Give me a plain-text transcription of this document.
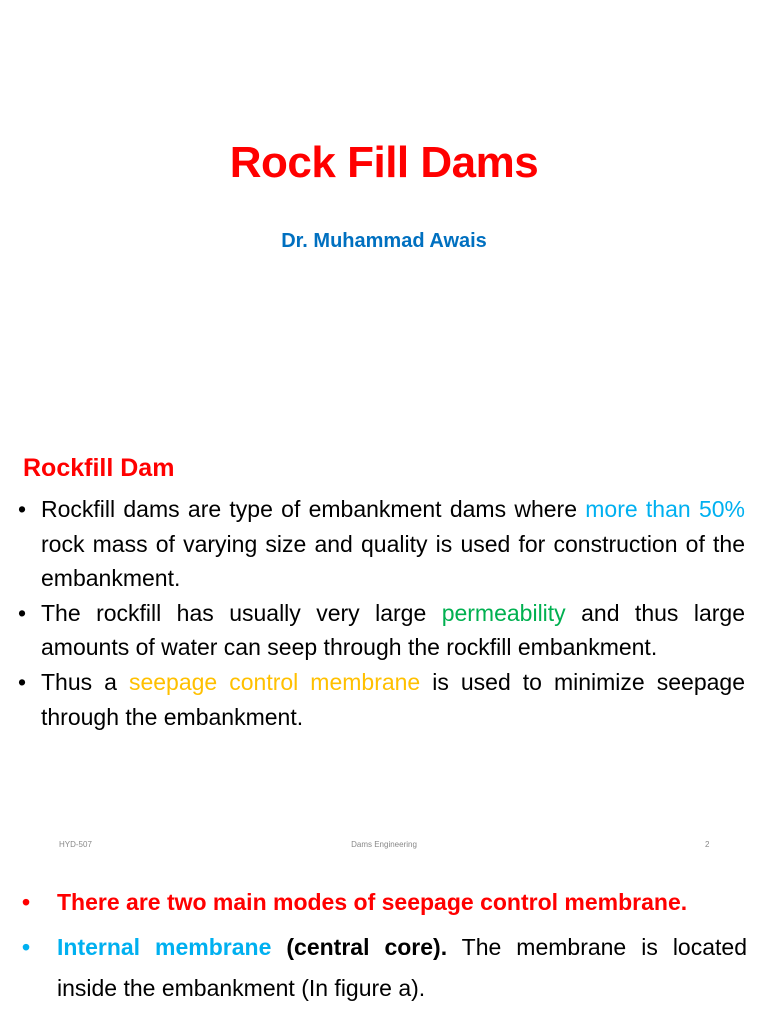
Rock Fill Dams
Dr. Muhammad Awais
Rockfill Dam
• Rockfill dams are type of embankment dams where more than 50% rock mass of varying size and quality is used for construction of the embankment.
• The rockfill has usually very large permeability and thus large amounts of water can seep through the rockfill embankment.
• Thus a seepage control membrane is used to minimize seepage through the embankment.
HYD-507	Dams Engineering	2
• There are two main modes of seepage control membrane.
• Internal membrane (central core). The membrane is located inside the embankment (In figure a).
